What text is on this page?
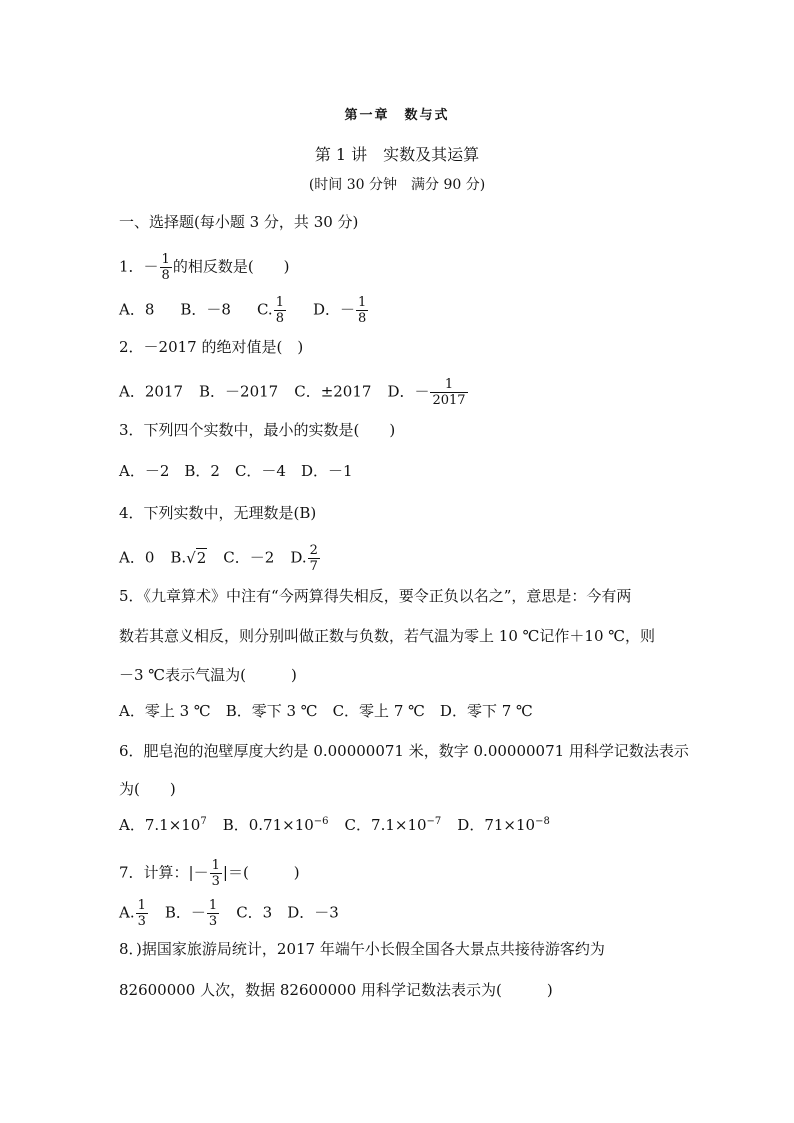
第一章　数与式
第 1 讲　实数及其运算
(时间 30 分钟　满分 90 分)
一、选择题(每小题 3 分，共 30 分)
1．－ $\frac{1}{8}$ 的相反数是(　　)
A．8 B．－8 C. $\frac{1}{8}$ D．－ $\frac{1}{8}$
2．－2017 的绝对值是(　)
A．2017 B．－2017 C．±2017 D．－ $\frac{1}{2017}$
3．下列四个实数中，最小的实数是(　　)
A．－2　B．2　C．－4　D．－1
4．下列实数中，无理数是(B)
A．0 B.√2 C．－2 D. $\frac{2}{7}$
5．《九章算术》中注有“今两算得失相反，要令正负以名之”，意思是：今有两
数若其意义相反，则分别叫做正数与负数，若气温为零上 10 ℃记作＋10 ℃，则
－3 ℃表示气温为(　　　)
A．零上 3 ℃　B．零下 3 ℃　C．零上 7 ℃　D．零下 7 ℃
6．肥皂泡的泡壁厚度大约是 0.00000071 米，数字 0.00000071 用科学记数法表示
为(　　)
A．$7.1\times 10^7$ B．$0.71\times 10^{-6}$ C．$7.1\times 10^{-7}$ D．$71\times 10^{-8}$
7．计算：|－ $\frac{1}{3}$ |＝(　　　)
A. $\frac{1}{3}$ B．－ $\frac{1}{3}$ C．3　D．－3
8．)据国家旅游局统计，2017 年端午小长假全国各大景点共接待游客约为
82600000 人次，数据 82600000 用科学记数法表示为(　　　)
